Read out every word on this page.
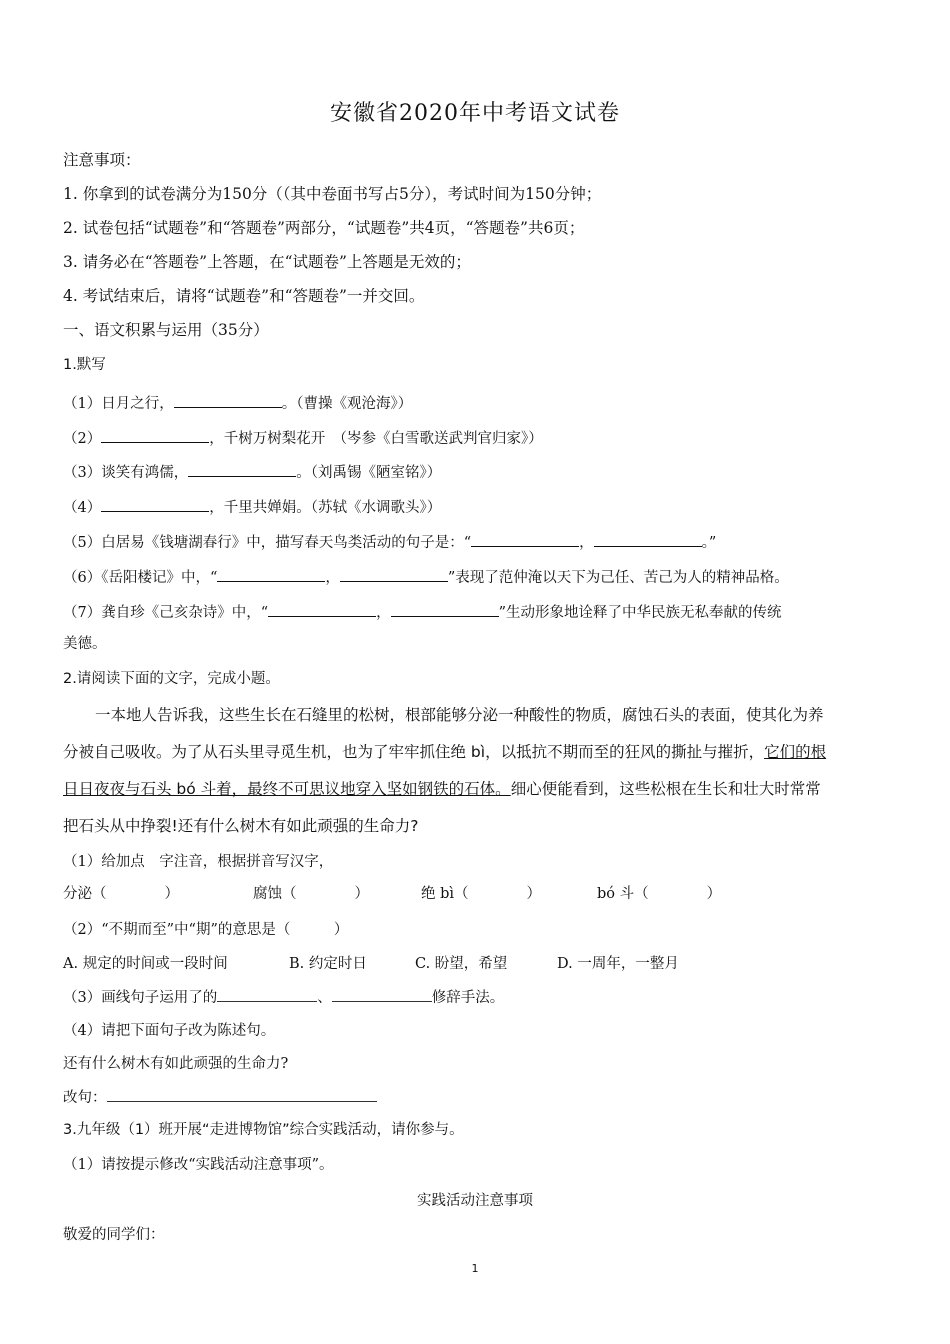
安徽省2020年中考语文试卷
注意事项：
1. 你拿到的试卷满分为150分（（其中卷面书写占5分），考试时间为150分钟；
2. 试卷包括“试题卷”和“答题卷”两部分，“试题卷”共4页，“答题卷”共6页；
3. 请务必在“答题卷”上答题，在“试题卷”上答题是无效的；
4. 考试结束后，请将“试题卷”和“答题卷”一并交回。
一、语文积累与运用（35分）
1.默写
（1）日月之行，	。（曹操《观沧海》）
（2）	，千树万树梨花开　（岑参《白雪歌送武判官归家》）
（3）谈笑有鸿儒，	。（刘禹锡《陋室铭》）
（4）	，千里共婵娟。（苏轼《水调歌头》）
（5）白居易《钱塘湖春行》中，描写春天鸟类活动的句子是：“	，	。”
（6）《岳阳楼记》中，“	，	”表现了范仲淹以天下为己任、苦己为人的精神品格。
（7）龚自珍《己亥杂诗》中，“	，	”生动形象地诠释了中华民族无私奉献的传统
美德。
2.请阅读下面的文字，完成小题。
一本地人告诉我，这些生长在石缝里的松树，根部能够分泌一种酸性的物质，腐蚀石头的表面，使其化为养
分被自己吸收。为了从石头里寻觅生机，也为了牢牢抓住绝 bì，以抵抗不期而至的狂风的撕扯与摧折，它们的根
日日夜夜与石头 bó 斗着，最终不可思议地穿入坚如钢铁的石体。细心便能看到，这些松根在生长和壮大时常常
把石头从中挣裂!还有什么树木有如此顽强的生命力?
（1）给加点　字注音，根据拼音写汉字，
分泌（　　　　）	腐蚀（　　　　）	绝 bì（　　　　）	bó 斗（　　　　）
（2）“不期而至”中“期”的意思是（　　　）
A. 规定的时间或一段时间	B. 约定时日	C. 盼望，希望	D. 一周年，一整月
（3）画线句子运用了的	、	修辞手法。
（4）请把下面句子改为陈述句。
还有什么树木有如此顽强的生命力?
改句：
3.九年级（1）班开展“走进博物馆”综合实践活动，请你参与。
（1）请按提示修改“实践活动注意事项”。
实践活动注意事项
敬爱的同学们：
1
